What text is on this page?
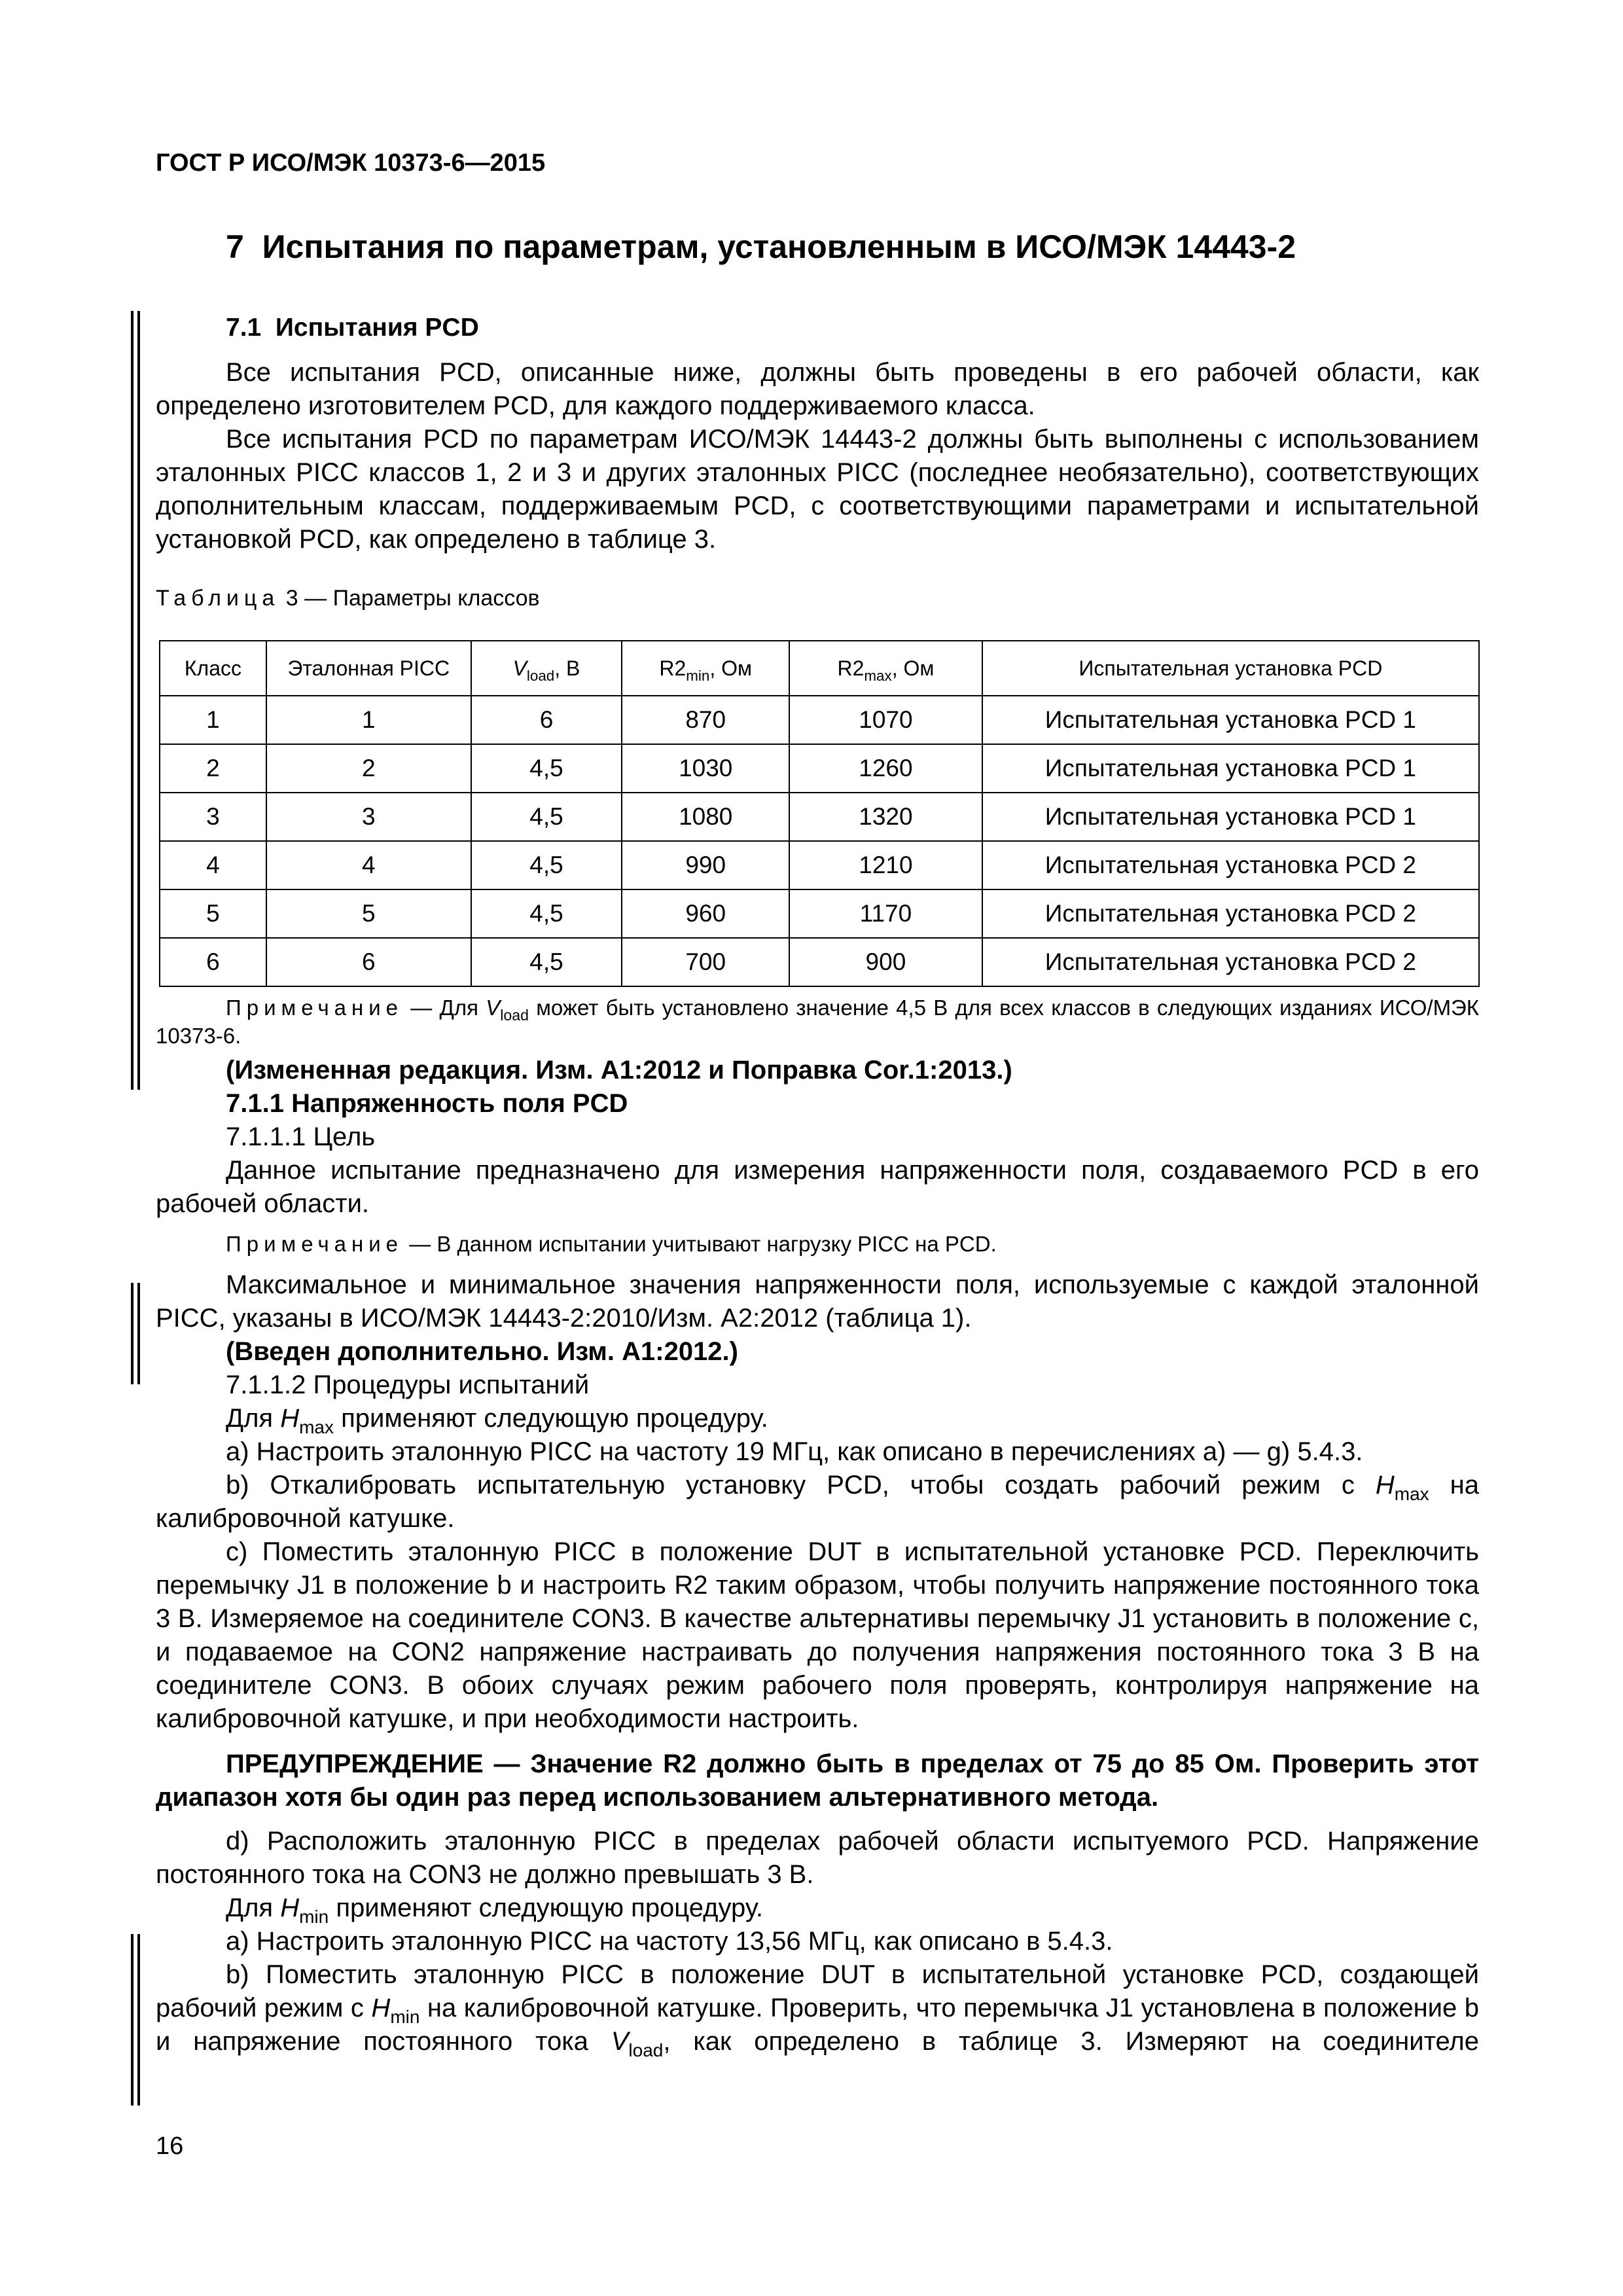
ГОСТ Р ИСО/МЭК 10373-6—2015
7 Испытания по параметрам, установленным в ИСО/МЭК 14443-2

7.1 Испытания PCD

Все испытания PCD, описанные ниже, должны быть проведены в его рабочей области, как определено изготовителем PCD, для каждого поддерживаемого класса.

Все испытания PCD по параметрам ИСО/МЭК 14443-2 должны быть выполнены с использованием эталонных PICC классов 1, 2 и 3 и других эталонных PICC (последнее необязательно), соответствующих дополнительным классам, поддерживаемым PCD, с соответствующими параметрами и испытательной установкой PCD, как определено в таблице 3.

Таблица 3 — Параметры классов
Класс	Эталонная PICC	$V_{load}$, В	$R2_{min}$, Ом	$R2_{max}$, Ом	Испытательная установка PCD
1	1	6	870	1070	Испытательная установка PCD 1
2	2	4,5	1030	1260	Испытательная установка PCD 1
3	3	4,5	1080	1320	Испытательная установка PCD 1
4	4	4,5	990	1210	Испытательная установка PCD 2
5	5	4,5	960	1170	Испытательная установка PCD 2
6	6	4,5	700	900	Испытательная установка PCD 2

Примечание — Для $V_{load}$ может быть установлено значение 4,5 В для всех классов в следующих изданиях ИСО/МЭК 10373-6.

(Измененная редакция. Изм. А1:2012 и Поправка Cor.1:2013.)

7.1.1 Напряженность поля PCD

7.1.1.1 Цель

Данное испытание предназначено для измерения напряженности поля, создаваемого PCD в его рабочей области.

Примечание — В данном испытании учитывают нагрузку PICC на PCD.

Максимальное и минимальное значения напряженности поля, используемые с каждой эталонной PICC, указаны в ИСО/МЭК 14443-2:2010/Изм. А2:2012 (таблица 1).

(Введен дополнительно. Изм. А1:2012.)

7.1.1.2 Процедуры испытаний

Для $H_{max}$ применяют следующую процедуру.

а) Настроить эталонную PICC на частоту 19 МГц, как описано в перечислениях а) — g) 5.4.3.

b) Откалибровать испытательную установку PCD, чтобы создать рабочий режим с $H_{max}$ на калибровочной катушке.

с) Поместить эталонную PICC в положение DUT в испытательной установке PCD. Переключить перемычку J1 в положение b и настроить R2 таким образом, чтобы получить напряжение постоянного тока 3 В. Измеряемое на соединителе CON3. В качестве альтернативы перемычку J1 установить в положение с, и подаваемое на CON2 напряжение настраивать до получения напряжения постоянного тока 3 В на соединителе CON3. В обоих случаях режим рабочего поля проверять, контролируя напряжение на калибровочной катушке, и при необходимости настроить.

ПРЕДУПРЕЖДЕНИЕ — Значение R2 должно быть в пределах от 75 до 85 Ом. Проверить этот диапазон хотя бы один раз перед использованием альтернативного метода.

d) Расположить эталонную PICC в пределах рабочей области испытуемого PCD. Напряжение постоянного тока на CON3 не должно превышать 3 В.

Для $H_{min}$ применяют следующую процедуру.

а) Настроить эталонную PICC на частоту 13,56 МГц, как описано в 5.4.3.

b) Поместить эталонную PICC в положение DUT в испытательной установке PCD, создающей рабочий режим с $H_{min}$ на калибровочной катушке. Проверить, что перемычка J1 установлена в положение b и напряжение постоянного тока $V_{load}$, как определено в таблице 3. Измеряют на соединителе

16
